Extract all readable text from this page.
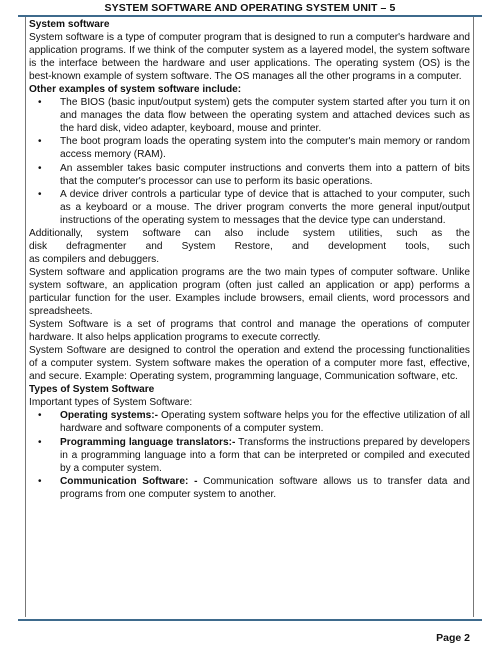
SYSTEM SOFTWARE AND OPERATING SYSTEM UNIT – 5

System software

System software is a type of computer program that is designed to run a computer's hardware and application programs. If we think of the computer system as a layered model, the system software is the interface between the hardware and user applications. The operating system (OS) is the best-known example of system software. The OS manages all the other programs in a computer.

Other examples of system software include:

• The BIOS (basic input/output system) gets the computer system started after you turn it on and manages the data flow between the operating system and attached devices such as the hard disk, video adapter, keyboard, mouse and printer.
• The boot program loads the operating system into the computer's main memory or random access memory (RAM).
• An assembler takes basic computer instructions and converts them into a pattern of bits that the computer's processor can use to perform its basic operations.
• A device driver controls a particular type of device that is attached to your computer, such as a keyboard or a mouse. The driver program converts the more general input/output instructions of the operating system to messages that the device type can understand.

Additionally, system software can also include system utilities, such as the

disk defragmenter and System Restore, and development tools, such

as compilers and debuggers.

System software and application programs are the two main types of computer software. Unlike system software, an application program (often just called an application or app) performs a particular function for the user. Examples include browsers, email clients, word processors and spreadsheets.

System Software is a set of programs that control and manage the operations of computer hardware. It also helps application programs to execute correctly.

System Software are designed to control the operation and extend the processing functionalities of a computer system. System software makes the operation of a computer more fast, effective, and secure. Example: Operating system, programming language, Communication software, etc.

Types of System Software

Important types of System Software:

• Operating systems:- Operating system software helps you for the effective utilization of all hardware and software components of a computer system.
• Programming language translators:- Transforms the instructions prepared by developers in a programming language into a form that can be interpreted or compiled and executed by a computer system.
• Communication Software: - Communication software allows us to transfer data and programs from one computer system to another.
Page 2
